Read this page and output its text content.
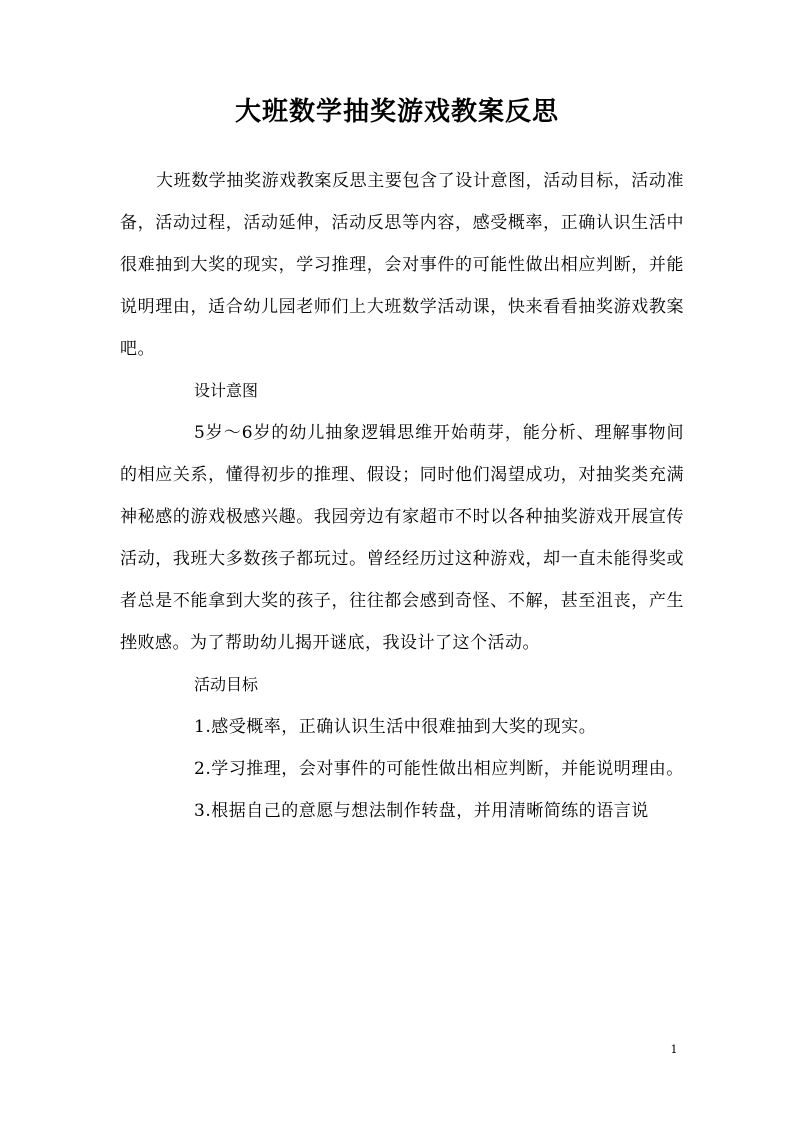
大班数学抽奖游戏教案反思

大班数学抽奖游戏教案反思主要包含了设计意图，活动目标，活动准备，活动过程，活动延伸，活动反思等内容，感受概率，正确认识生活中很难抽到大奖的现实，学习推理，会对事件的可能性做出相应判断，并能说明理由，适合幼儿园老师们上大班数学活动课，快来看看抽奖游戏教案吧。

设计意图

5岁～6岁的幼儿抽象逻辑思维开始萌芽，能分析、理解事物间的相应关系，懂得初步的推理、假设；同时他们渴望成功，对抽奖类充满神秘感的游戏极感兴趣。我园旁边有家超市不时以各种抽奖游戏开展宣传活动，我班大多数孩子都玩过。曾经经历过这种游戏，却一直未能得奖或者总是不能拿到大奖的孩子，往往都会感到奇怪、不解，甚至沮丧，产生挫败感。为了帮助幼儿揭开谜底，我设计了这个活动。

活动目标

1.感受概率，正确认识生活中很难抽到大奖的现实。

2.学习推理，会对事件的可能性做出相应判断，并能说明理由。

3.根据自己的意愿与想法制作转盘，并用清晰简练的语言说

1
